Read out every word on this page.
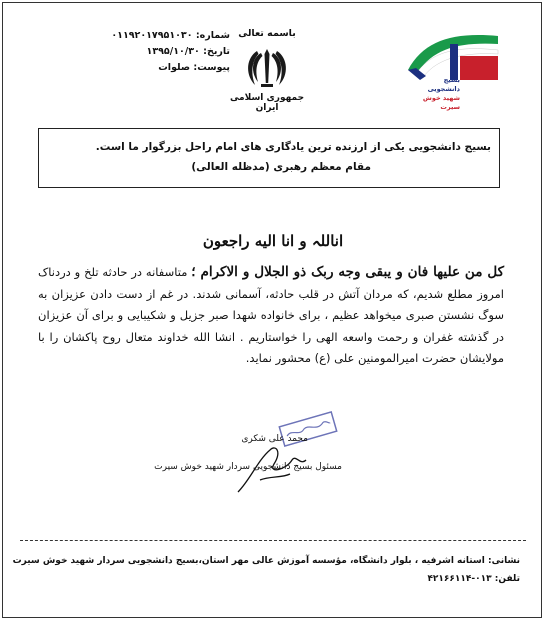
شماره: ۰۱۱۹۲۰۱۷۹۵۱۰۳۰
تاریخ: ۱۳۹۵/۱۰/۳۰
پیوست: صلوات
باسمه تعالی
جمهوری اسلامی ایران
بسیج
دانشجویی
شهید خوش سیرت
بسیج دانشجویی یکی از ارزنده ترین یادگاری های امام راحل بزرگوار ما است.
مقام معظم رهبری (مدظله العالی)
اناللہ و انا الیه راجعون
کل من علیها فان و یبقی وجه ربک ذو الجلال و الاکرام ؛ متاسفانه در حادثه تلخ و دردناک امروز مطلع شدیم، که مردان آتش در قلب حادثه، آسمانی شدند. در غم از دست دادن عزیزان به سوگ نشستن صبری میخواهد عظیم ، برای خانواده شهدا صبر جزیل و شکیبایی و برای آن عزیزان در گذشته غفران و رحمت واسعه الهی را خواستاریم . انشا الله خداوند متعال روح پاکشان را با مولایشان حضرت امیرالمومنین علی (ع) محشور نماید.
محمد علی شکری
مسئول بسیج دانشجویی سردار شهید خوش سیرت
نشانی: استانه اشرفیه ، بلوار دانشگاه، مؤسسه آموزش عالی مهر استان،بسیج دانشجویی سردار شهید خوش سیرت
تلفن: ۰۱۳-۴۲۱۶۶۱۱۴
